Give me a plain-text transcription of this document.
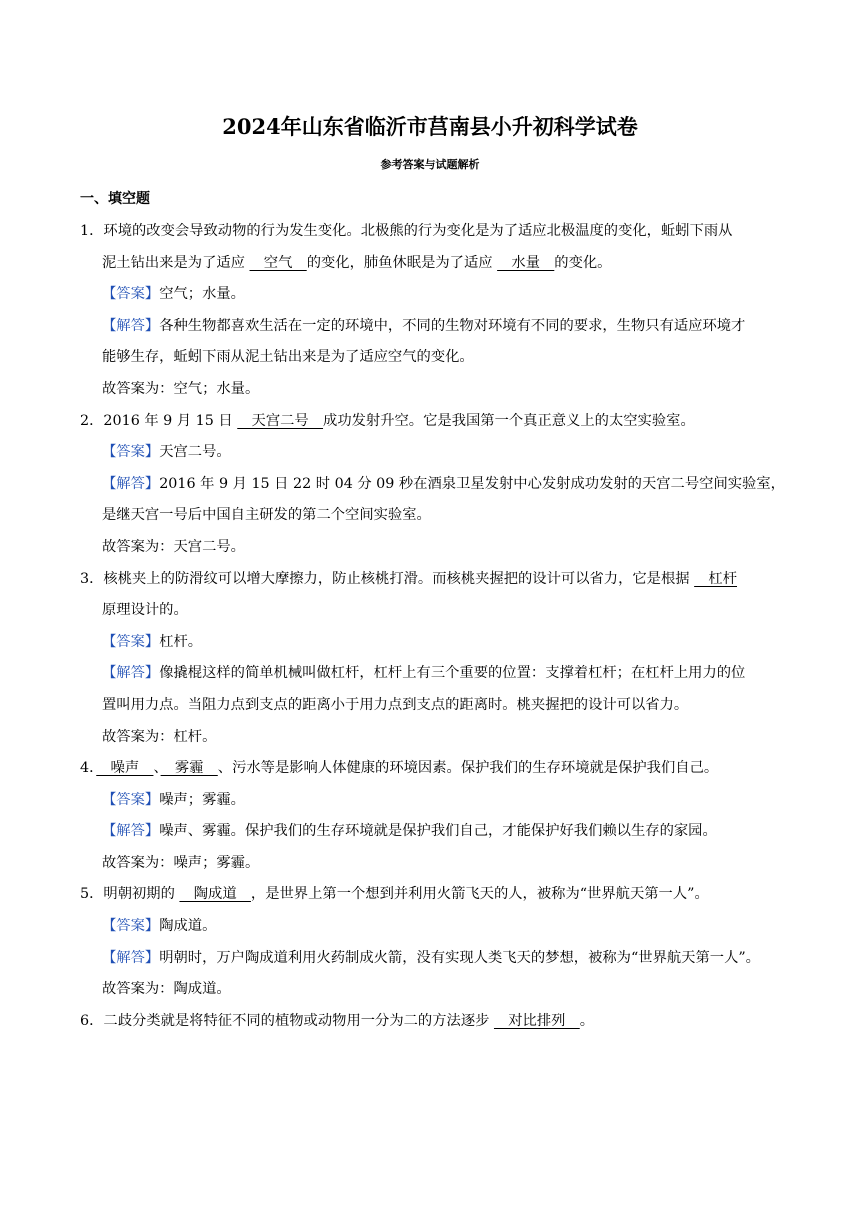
2024年山东省临沂市莒南县小升初科学试卷
参考答案与试题解析
一、填空题
1．环境的改变会导致动物的行为发生变化。北极熊的行为变化是为了适应北极温度的变化，蚯蚓下雨从
泥土钻出来是为了适应 　空气　的变化，肺鱼休眠是为了适应 　水量　的变化。
【答案】空气；水量。
【解答】各种生物都喜欢生活在一定的环境中，不同的生物对环境有不同的要求，生物只有适应环境才
能够生存，蚯蚓下雨从泥土钻出来是为了适应空气的变化。
故答案为：空气；水量。
2．2016 年 9 月 15 日 　天宫二号　成功发射升空。它是我国第一个真正意义上的太空实验室。
【答案】天宫二号。
【解答】2016 年 9 月 15 日 22 时 04 分 09 秒在酒泉卫星发射中心发射成功发射的天宫二号空间实验室，
是继天宫一号后中国自主研发的第二个空间实验室。
故答案为：天宫二号。
3．核桃夹上的防滑纹可以增大摩擦力，防止核桃打滑。而核桃夹握把的设计可以省力，它是根据 　杠杆
原理设计的。
【答案】杠杆。
【解答】像撬棍这样的简单机械叫做杠杆，杠杆上有三个重要的位置：支撑着杠杆；在杠杆上用力的位
置叫用力点。当阻力点到支点的距离小于用力点到支点的距离时。桃夹握把的设计可以省力。
故答案为：杠杆。
4．　噪声　、　雾霾　、污水等是影响人体健康的环境因素。保护我们的生存环境就是保护我们自己。
【答案】噪声；雾霾。
【解答】噪声、雾霾。保护我们的生存环境就是保护我们自己，才能保护好我们赖以生存的家园。
故答案为：噪声；雾霾。
5．明朝初期的 　陶成道　，是世界上第一个想到并利用火箭飞天的人，被称为“世界航天第一人”。
【答案】陶成道。
【解答】明朝时，万户陶成道利用火药制成火箭，没有实现人类飞天的梦想，被称为“世界航天第一人”。
故答案为：陶成道。
6．二歧分类就是将特征不同的植物或动物用一分为二的方法逐步 　对比排列　。
